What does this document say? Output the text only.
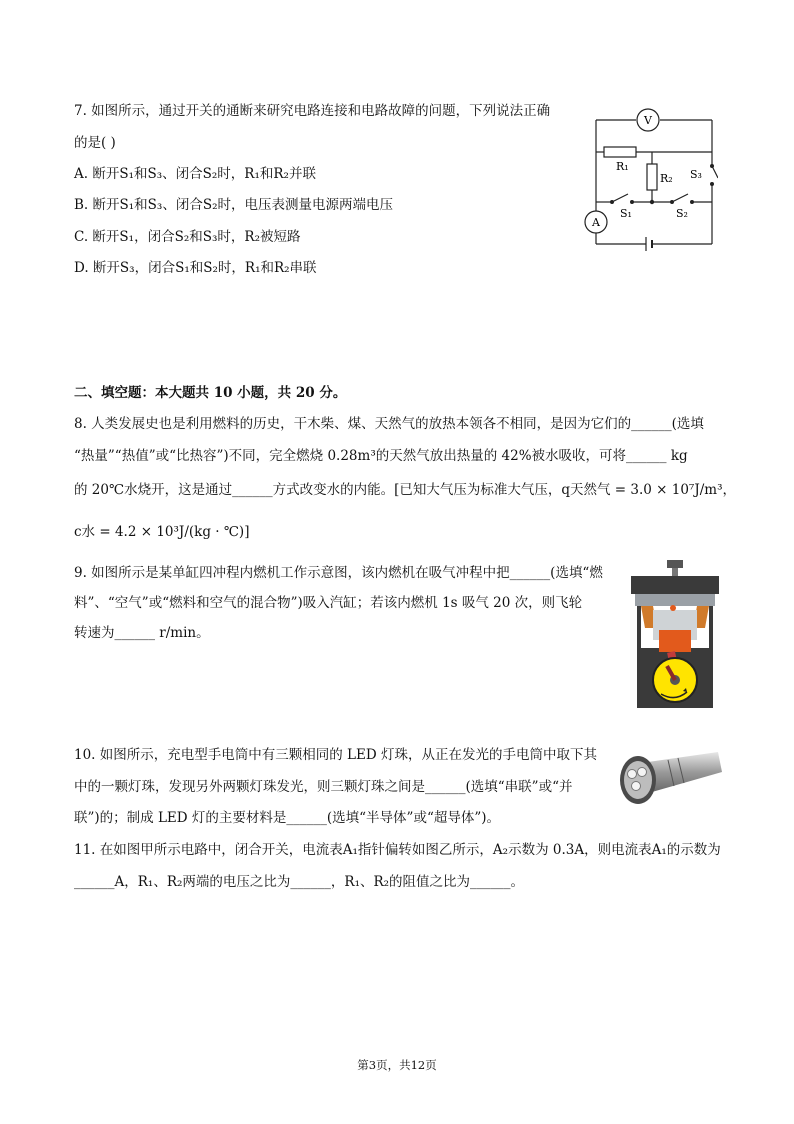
7. 如图所示，通过开关的通断来研究电路连接和电路故障的问题，下列说法正确
的是( )
A. 断开S₁和S₃、闭合S₂时，R₁和R₂并联
B. 断开S₁和S₃、闭合S₂时，电压表测量电源两端电压
C. 断开S₁，闭合S₂和S₃时，R₂被短路
D. 断开S₃，闭合S₁和S₂时，R₁和R₂串联
V
A
R₁
R₂ S₃
S₁	S₂
二、填空题：本大题共 10 小题，共 20 分。
8. 人类发展史也是利用燃料的历史，干木柴、煤、天然气的放热本领各不相同，是因为它们的______(选填
“热量”“热值”或“比热容”)不同，完全燃烧 0.28m³的天然气放出热量的 42%被水吸收，可将______ kg
的 20℃水烧开，这是通过______方式改变水的内能。[已知大气压为标准大气压，q天然气 = 3.0 × 10⁷J/m³，
c水 = 4.2 × 10³J/(kg · ℃)]
9. 如图所示是某单缸四冲程内燃机工作示意图，该内燃机在吸气冲程中把______(选填“燃
料”、“空气”或“燃料和空气的混合物”)吸入汽缸；若该内燃机 1s 吸气 20 次，则飞轮
转速为______ r/min。
10. 如图所示，充电型手电筒中有三颗相同的 LED 灯珠，从正在发光的手电筒中取下其
中的一颗灯珠，发现另外两颗灯珠发光，则三颗灯珠之间是______(选填“串联”或“并
联”)的；制成 LED 灯的主要材料是______(选填“半导体”或“超导体”)。
11. 在如图甲所示电路中，闭合开关，电流表A₁指针偏转如图乙所示，A₂示数为 0.3A，则电流表A₁的示数为
______A，R₁、R₂两端的电压之比为______，R₁、R₂的阻值之比为______。
第3页，共12页
